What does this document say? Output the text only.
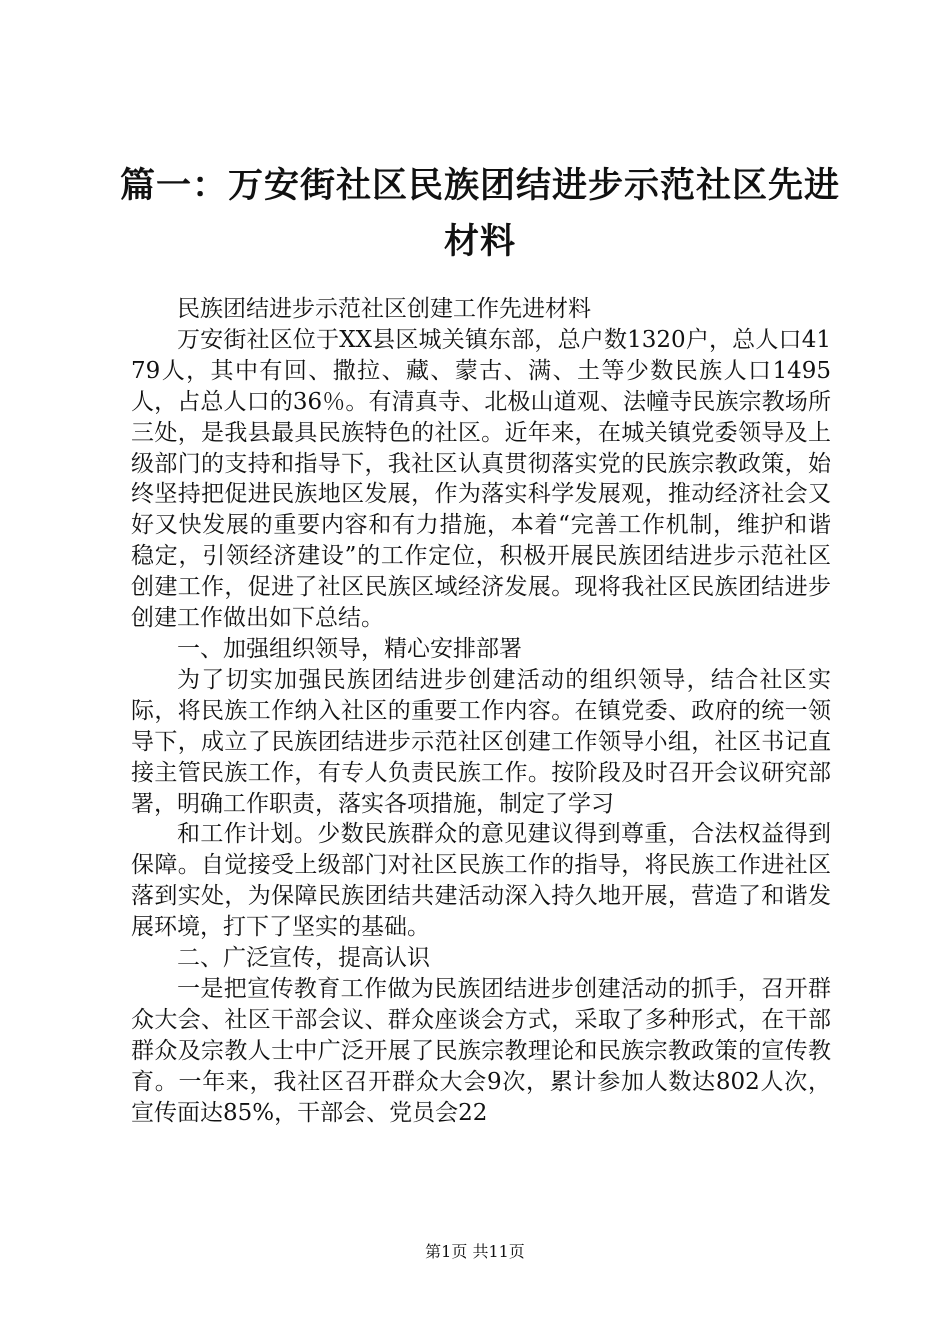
篇一：万安街社区民族团结进步示范社区先进材料

民族团结进步示范社区创建工作先进材料

万安街社区位于XX县区城关镇东部，总户数1320户，总人口4179人，其中有回、撒拉、藏、蒙古、满、土等少数民族人口1495人，占总人口的36％。有清真寺、北极山道观、法幢寺民族宗教场所三处，是我县最具民族特色的社区。近年来，在城关镇党委领导及上级部门的支持和指导下，我社区认真贯彻落实党的民族宗教政策，始终坚持把促进民族地区发展，作为落实科学发展观，推动经济社会又好又快发展的重要内容和有力措施，本着“完善工作机制，维护和谐稳定，引领经济建设”的工作定位，积极开展民族团结进步示范社区创建工作，促进了社区民族区域经济发展。现将我社区民族团结进步创建工作做出如下总结。

一、加强组织领导，精心安排部署

为了切实加强民族团结进步创建活动的组织领导，结合社区实际，将民族工作纳入社区的重要工作内容。在镇党委、政府的统一领导下，成立了民族团结进步示范社区创建工作领导小组，社区书记直接主管民族工作，有专人负责民族工作。按阶段及时召开会议研究部署，明确工作职责，落实各项措施，制定了学习

和工作计划。少数民族群众的意见建议得到尊重，合法权益得到保障。自觉接受上级部门对社区民族工作的指导，将民族工作进社区落到实处，为保障民族团结共建活动深入持久地开展，营造了和谐发展环境，打下了坚实的基础。

二、广泛宣传，提高认识

一是把宣传教育工作做为民族团结进步创建活动的抓手，召开群众大会、社区干部会议、群众座谈会方式，采取了多种形式，在干部群众及宗教人士中广泛开展了民族宗教理论和民族宗教政策的宣传教育。一年来，我社区召开群众大会9次，累计参加人数达802人次，宣传面达85%，干部会、党员会22

第1页 共11页
